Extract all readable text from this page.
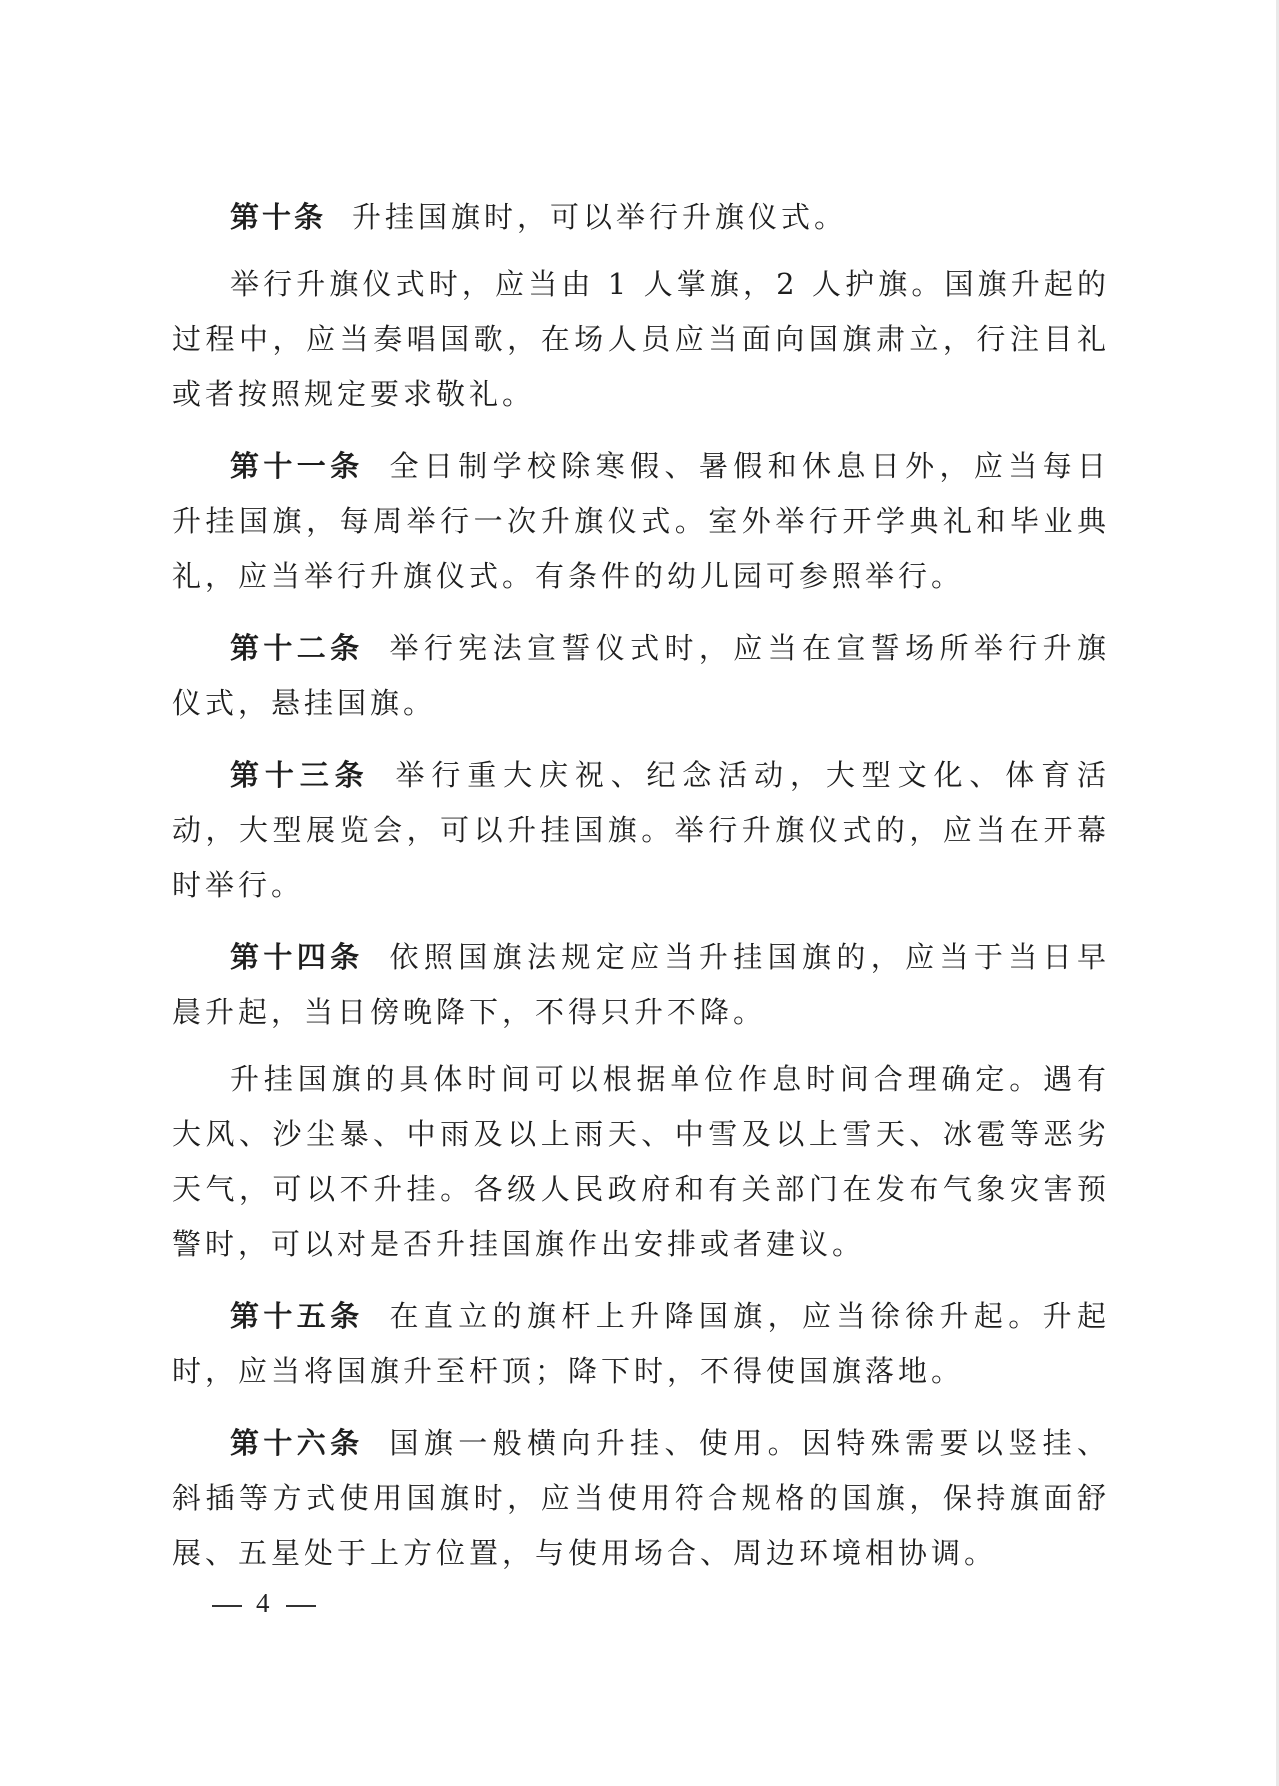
第十条 升挂国旗时，可以举行升旗仪式。

举行升旗仪式时，应当由 1 人掌旗，2 人护旗。国旗升起的过程中，应当奏唱国歌，在场人员应当面向国旗肃立，行注目礼或者按照规定要求敬礼。

第十一条 全日制学校除寒假、暑假和休息日外，应当每日升挂国旗，每周举行一次升旗仪式。室外举行开学典礼和毕业典礼，应当举行升旗仪式。有条件的幼儿园可参照举行。

第十二条 举行宪法宣誓仪式时，应当在宣誓场所举行升旗仪式，悬挂国旗。

第十三条 举行重大庆祝、纪念活动，大型文化、体育活动，大型展览会，可以升挂国旗。举行升旗仪式的，应当在开幕时举行。

第十四条 依照国旗法规定应当升挂国旗的，应当于当日早晨升起，当日傍晚降下，不得只升不降。

升挂国旗的具体时间可以根据单位作息时间合理确定。遇有大风、沙尘暴、中雨及以上雨天、中雪及以上雪天、冰雹等恶劣天气，可以不升挂。各级人民政府和有关部门在发布气象灾害预警时，可以对是否升挂国旗作出安排或者建议。

第十五条 在直立的旗杆上升降国旗，应当徐徐升起。升起时，应当将国旗升至杆顶；降下时，不得使国旗落地。

第十六条 国旗一般横向升挂、使用。因特殊需要以竖挂、斜插等方式使用国旗时，应当使用符合规格的国旗，保持旗面舒展、五星处于上方位置，与使用场合、周边环境相协调。

4
